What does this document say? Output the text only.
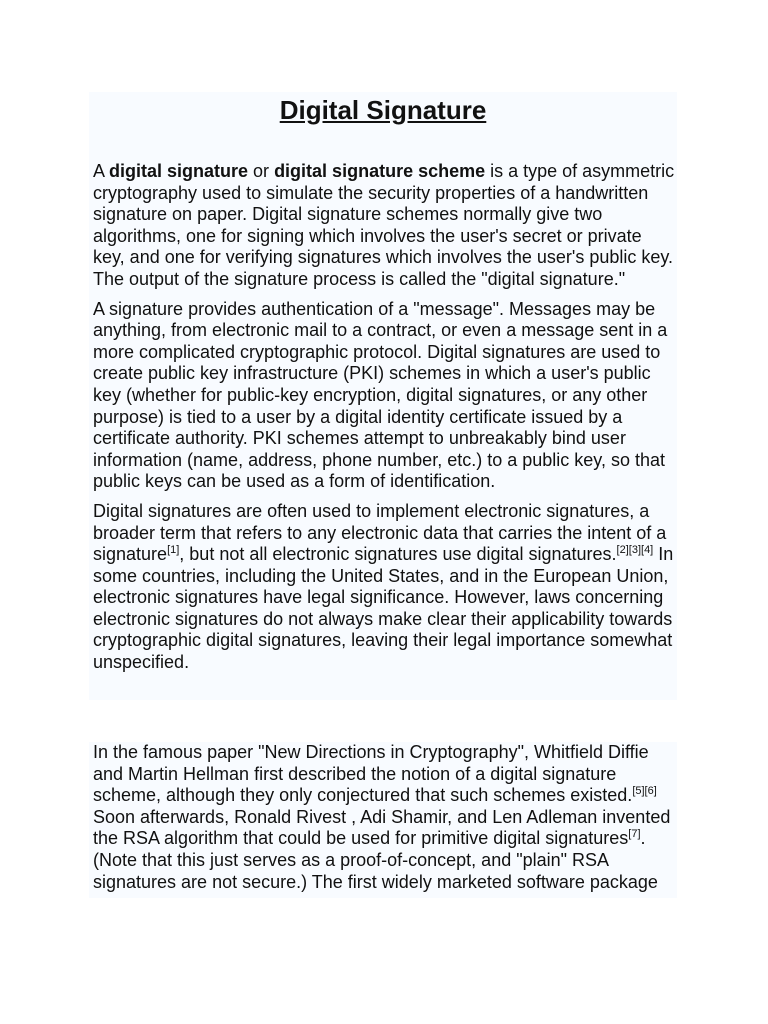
Digital Signature

A digital signature or digital signature scheme is a type of asymmetric cryptography used to simulate the security properties of a handwritten signature on paper. Digital signature schemes normally give two algorithms, one for signing which involves the user's secret or private key, and one for verifying signatures which involves the user's public key. The output of the signature process is called the "digital signature."

A signature provides authentication of a "message". Messages may be anything, from electronic mail to a contract, or even a message sent in a more complicated cryptographic protocol. Digital signatures are used to create public key infrastructure (PKI) schemes in which a user's public key (whether for public-key encryption, digital signatures, or any other purpose) is tied to a user by a digital identity certificate issued by a certificate authority. PKI schemes attempt to unbreakably bind user information (name, address, phone number, etc.) to a public key, so that public keys can be used as a form of identification.

Digital signatures are often used to implement electronic signatures, a broader term that refers to any electronic data that carries the intent of a signature[1], but not all electronic signatures use digital signatures.[2][3][4] In some countries, including the United States, and in the European Union, electronic signatures have legal significance. However, laws concerning electronic signatures do not always make clear their applicability towards cryptographic digital signatures, leaving their legal importance somewhat unspecified.

In the famous paper "New Directions in Cryptography", Whitfield Diffie and Martin Hellman first described the notion of a digital signature scheme, although they only conjectured that such schemes existed.[5][6] Soon afterwards, Ronald Rivest , Adi Shamir, and Len Adleman invented the RSA algorithm that could be used for primitive digital signatures[7]. (Note that this just serves as a proof-of-concept, and "plain" RSA signatures are not secure.) The first widely marketed software package
